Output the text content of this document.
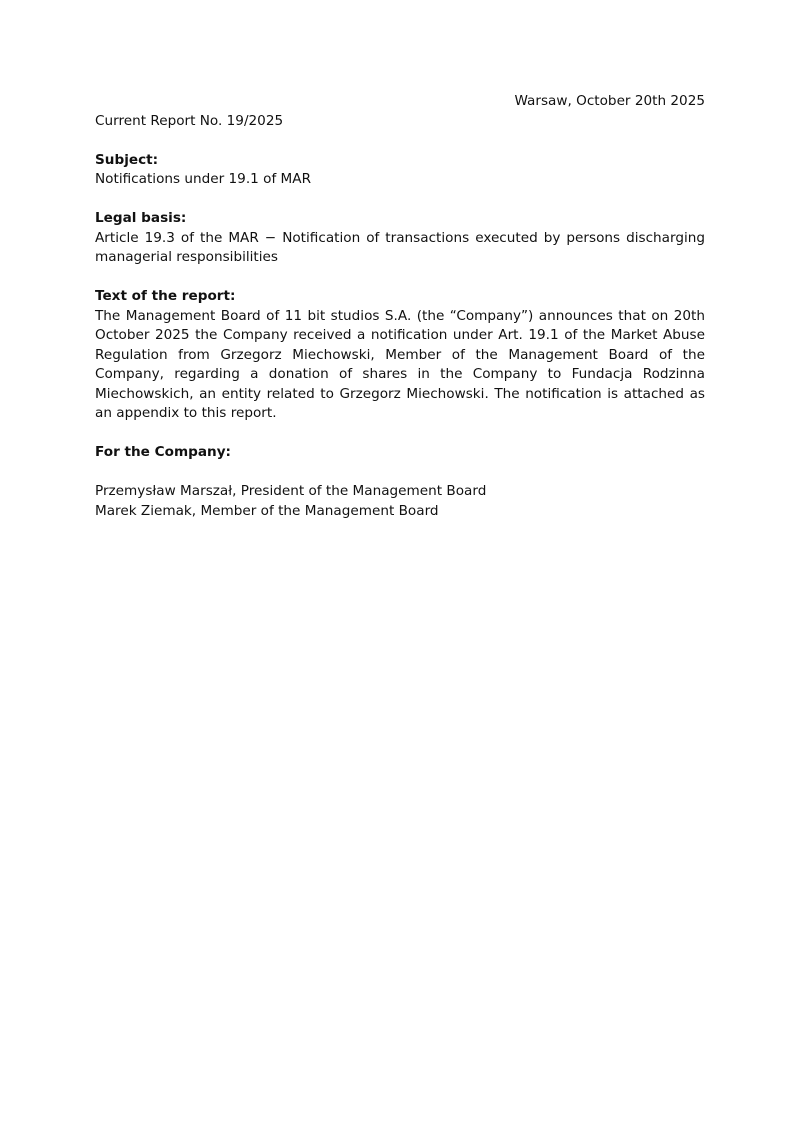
Warsaw, October 20th 2025

Current Report No. 19/2025

Subject:

Notifications under 19.1 of MAR

Legal basis:

Article 19.3 of the MAR − Notification of transactions executed by persons discharging managerial responsibilities

Text of the report:

The Management Board of 11 bit studios S.A. (the “Company”) announces that on 20th October 2025 the Company received a notification under Art. 19.1 of the Market Abuse Regulation from Grzegorz Miechowski, Member of the Management Board of the Company, regarding a donation of shares in the Company to Fundacja Rodzinna Miechowskich, an entity related to Grzegorz Miechowski. The notification is attached as an appendix to this report.

For the Company:

Przemysław Marszał, President of the Management Board

Marek Ziemak, Member of the Management Board
